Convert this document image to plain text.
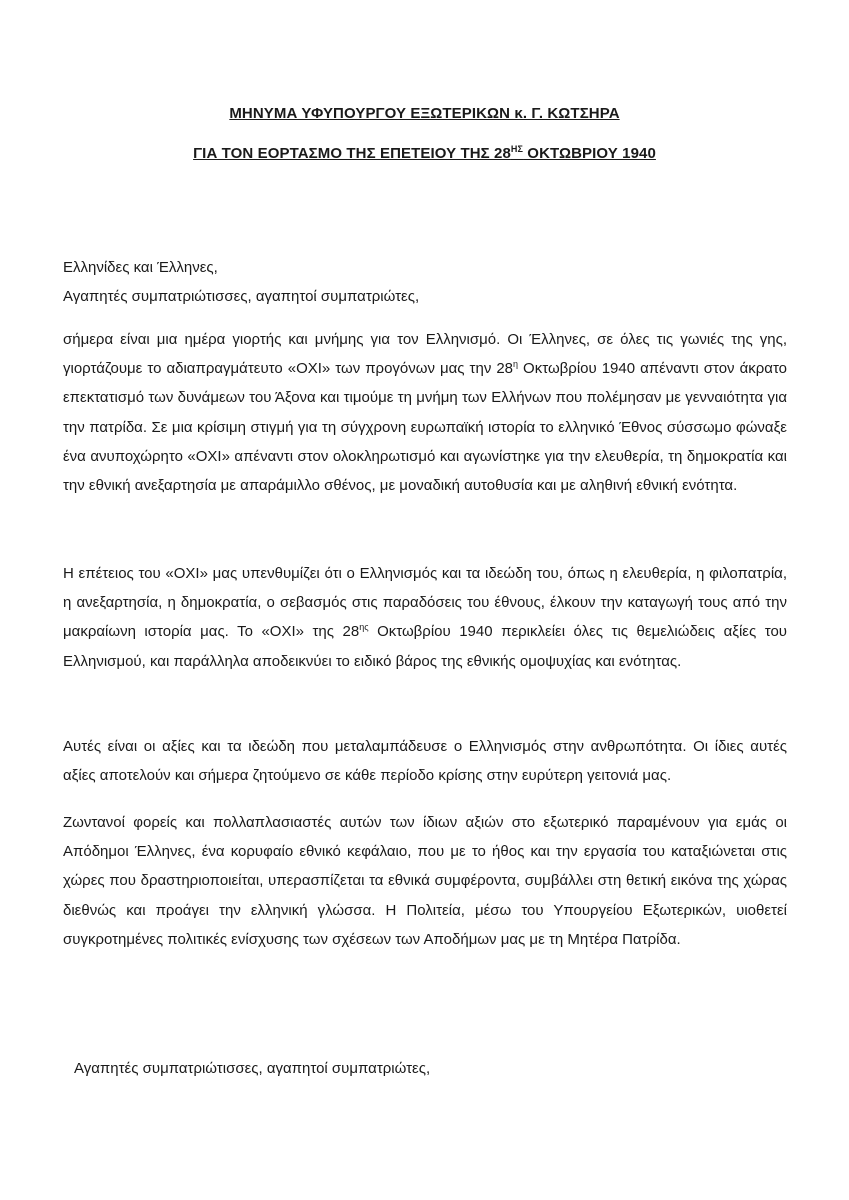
ΜΗΝΥΜΑ ΥΦΥΠΟΥΡΓΟΥ ΕΞΩΤΕΡΙΚΩΝ κ. Γ. ΚΩΤΣΗΡΑ
ΓΙΑ ΤΟΝ ΕΟΡΤΑΣΜΟ ΤΗΣ ΕΠΕΤΕΙΟΥ ΤΗΣ $28^{H\Sigma}$ ΟΚΤΩΒΡΙΟΥ 1940
Ελληνίδες και Έλληνες,
Αγαπητές συμπατριώτισσες, αγαπητοί συμπατριώτες,
σήμερα είναι μια ημέρα γιορτής και μνήμης για τον Ελληνισμό. Οι Έλληνες, σε όλες τις γωνιές της γης, γιορτάζουμε το αδιαπραγμάτευτο «ΟΧΙ» των προγόνων μας την $28^\eta$ Οκτωβρίου 1940 απέναντι στον άκρατο επεκτατισμό των δυνάμεων του Άξονα και τιμούμε τη μνήμη των Ελλήνων που πολέμησαν με γενναιότητα για την πατρίδα. Σε μια κρίσιμη στιγμή για τη σύγχρονη ευρωπαϊκή ιστορία το ελληνικό Έθνος σύσσωμο φώναξε ένα ανυποχώρητο «ΟΧΙ» απέναντι στον ολοκληρωτισμό και αγωνίστηκε για την ελευθερία, τη δημοκρατία και την εθνική ανεξαρτησία με απαράμιλλο σθένος, με μοναδική αυτοθυσία και με αληθινή εθνική ενότητα.
Η επέτειος του «ΟΧΙ» μας υπενθυμίζει ότι ο Ελληνισμός και τα ιδεώδη του, όπως η ελευθερία, η φιλοπατρία, η ανεξαρτησία, η δημοκρατία, ο σεβασμός στις παραδόσεις του έθνους, έλκουν την καταγωγή τους από την μακραίωνη ιστορία μας. Το «ΟΧΙ» της $28^{\eta\varsigma}$ Οκτωβρίου 1940 περικλείει όλες τις θεμελιώδεις αξίες του Ελληνισμού, και παράλληλα αποδεικνύει το ειδικό βάρος της εθνικής ομοψυχίας και ενότητας.
Αυτές είναι οι αξίες και τα ιδεώδη που μεταλαμπάδευσε ο Ελληνισμός στην ανθρωπότητα. Οι ίδιες αυτές αξίες αποτελούν και σήμερα ζητούμενο σε κάθε περίοδο κρίσης στην ευρύτερη γειτονιά μας.
Ζωντανοί φορείς και πολλαπλασιαστές αυτών των ίδιων αξιών στο εξωτερικό παραμένουν για εμάς οι Απόδημοι Έλληνες, ένα κορυφαίο εθνικό κεφάλαιο, που με το ήθος και την εργασία του καταξιώνεται στις χώρες που δραστηριοποιείται, υπερασπίζεται τα εθνικά συμφέροντα, συμβάλλει στη θετική εικόνα της χώρας διεθνώς και προάγει την ελληνική γλώσσα. Η Πολιτεία, μέσω του Υπουργείου Εξωτερικών, υιοθετεί συγκροτημένες πολιτικές ενίσχυσης των σχέσεων των Αποδήμων μας με τη Μητέρα Πατρίδα.
Αγαπητές συμπατριώτισσες, αγαπητοί συμπατριώτες,
